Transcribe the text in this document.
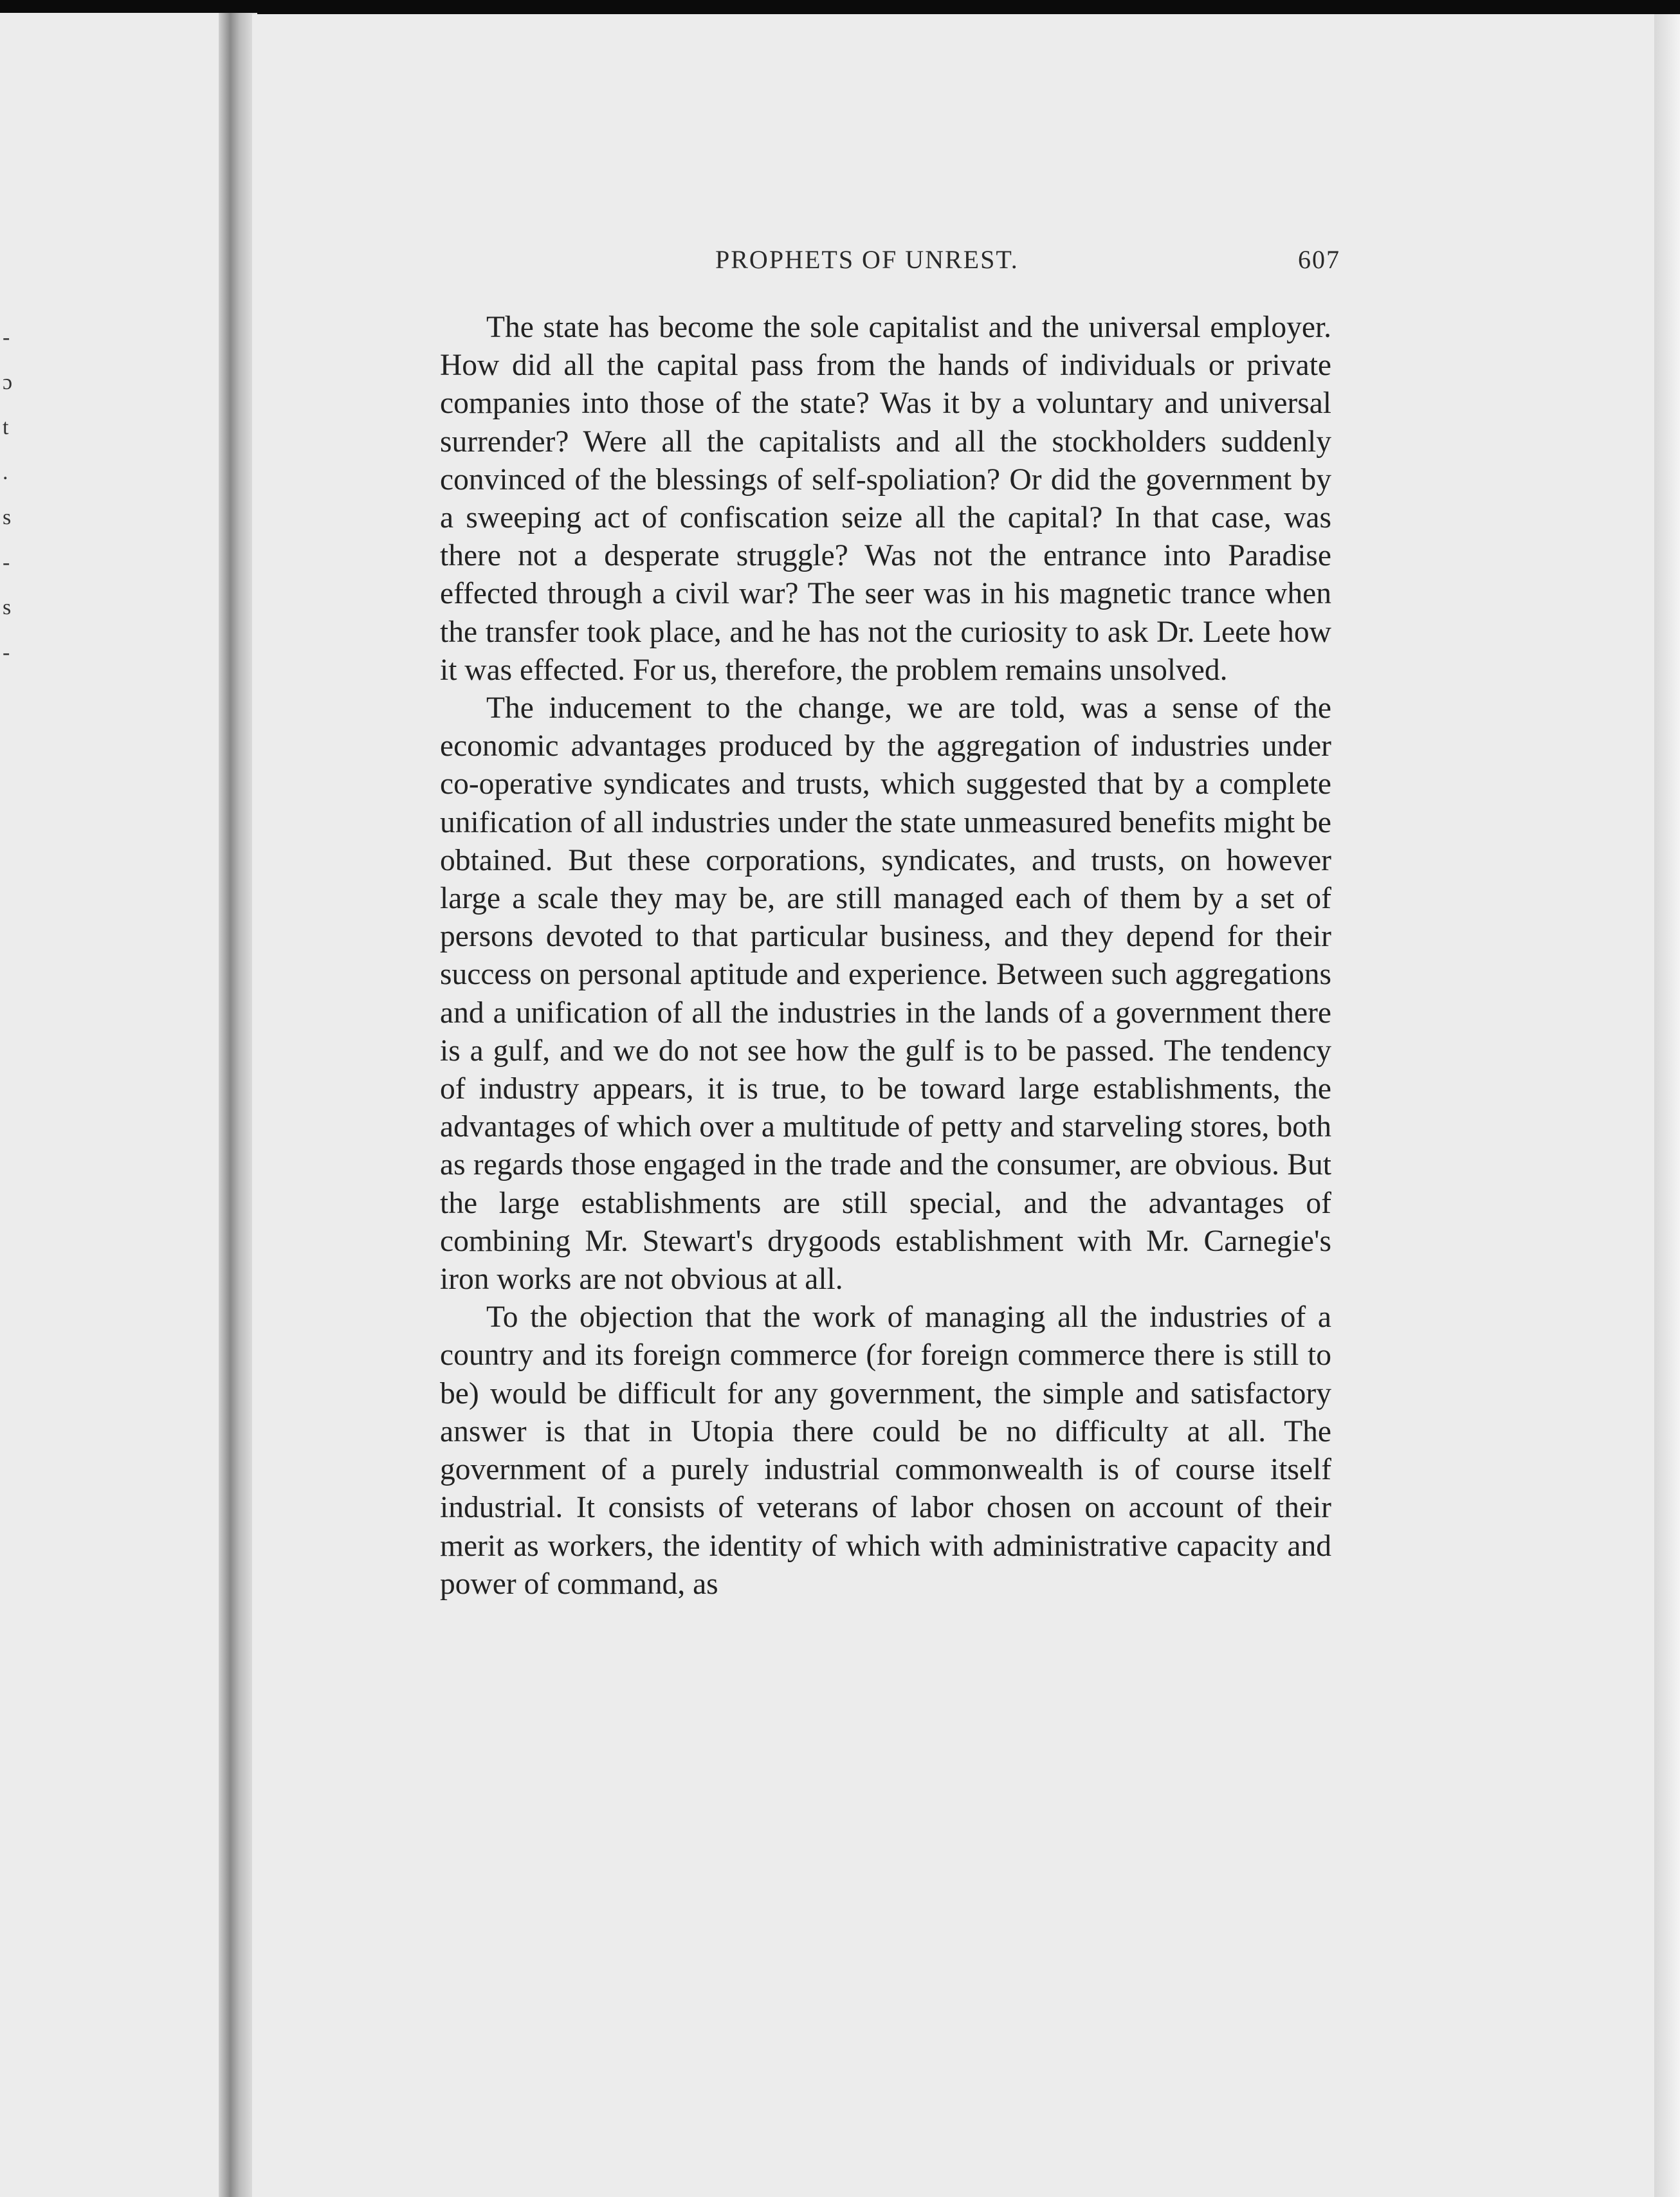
-
ɔ
t
.
s
-
s
-
PROPHETS OF UNREST.	607

The state has become the sole capitalist and the universal employer. How did all the capital pass from the hands of individuals or private companies into those of the state? Was it by a voluntary and universal surrender? Were all the capitalists and all the stockholders suddenly convinced of the blessings of self-spoliation? Or did the government by a sweeping act of confiscation seize all the capital? In that case, was there not a desperate struggle? Was not the entrance into Paradise effected through a civil war? The seer was in his magnetic trance when the transfer took place, and he has not the curiosity to ask Dr. Leete how it was effected. For us, therefore, the problem remains unsolved.

The inducement to the change, we are told, was a sense of the economic advantages produced by the aggregation of industries under co-operative syndicates and trusts, which suggested that by a complete unification of all industries under the state unmeasured benefits might be obtained. But these corporations, syndicates, and trusts, on however large a scale they may be, are still managed each of them by a set of persons devoted to that particular business, and they depend for their success on personal aptitude and experience. Between such aggregations and a unification of all the industries in the lands of a government there is a gulf, and we do not see how the gulf is to be passed. The tendency of industry appears, it is true, to be toward large establishments, the advantages of which over a multitude of petty and starveling stores, both as regards those engaged in the trade and the consumer, are obvious. But the large establishments are still special, and the advantages of combining Mr. Stewart's drygoods establishment with Mr. Carnegie's iron works are not obvious at all.

To the objection that the work of managing all the industries of a country and its foreign commerce (for foreign commerce there is still to be) would be difficult for any government, the simple and satisfactory answer is that in Utopia there could be no difficulty at all. The government of a purely industrial commonwealth is of course itself industrial. It consists of veterans of labor chosen on account of their merit as workers, the identity of which with administrative capacity and power of command, as
